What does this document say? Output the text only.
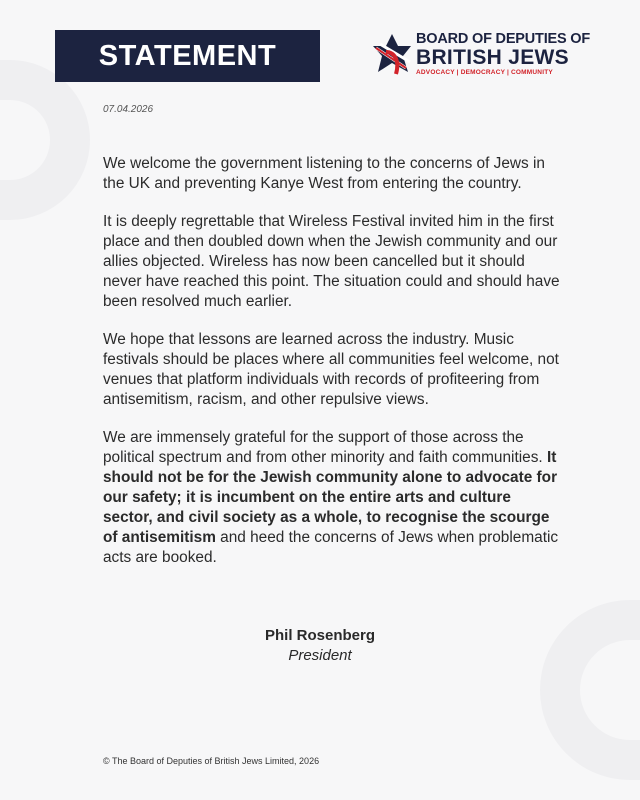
STATEMENT
BOARD OF DEPUTIES OF
BRITISH JEWS
ADVOCACY | DEMOCRACY | COMMUNITY
07.04.2026

We welcome the government listening to the concerns of Jews in the UK and preventing Kanye West from entering the country.

It is deeply regrettable that Wireless Festival invited him in the first place and then doubled down when the Jewish community and our allies objected. Wireless has now been cancelled but it should never have reached this point. The situation could and should have been resolved much earlier.

We hope that lessons are learned across the industry. Music festivals should be places where all communities feel welcome, not venues that platform individuals with records of profiteering from antisemitism, racism, and other repulsive views.

We are immensely grateful for the support of those across the political spectrum and from other minority and faith communities. It should not be for the Jewish community alone to advocate for our safety; it is incumbent on the entire arts and culture sector, and civil society as a whole, to recognise the scourge of antisemitism and heed the concerns of Jews when problematic acts are booked.

Phil Rosenberg
President
© The Board of Deputies of British Jews Limited, 2026
